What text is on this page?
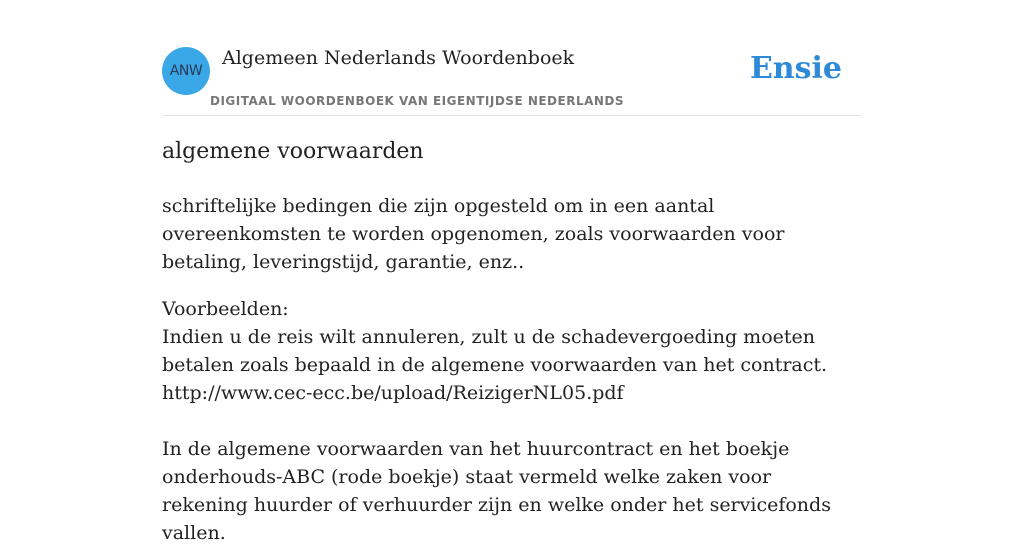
ANW
Algemeen Nederlands Woordenboek
DIGITAAL WOORDENBOEK VAN EIGENTIJDSE NEDERLANDS
Ensie
algemene voorwaarden

schriftelijke bedingen die zijn opgesteld om in een aantal overeenkomsten te worden opgenomen, zoals voorwaarden voor betaling, leveringstijd, garantie, enz..

Voorbeelden:
Indien u de reis wilt annuleren, zult u de schadevergoeding moeten betalen zoals bepaald in de algemene voorwaarden van het contract.
http://www.cec-ecc.be/upload/ReizigerNL05.pdf
In de algemene voorwaarden van het huurcontract en het boekje onderhouds-ABC (rode boekje) staat vermeld welke zaken voor rekening huurder of verhuurder zijn en welke onder het servicefonds vallen.
